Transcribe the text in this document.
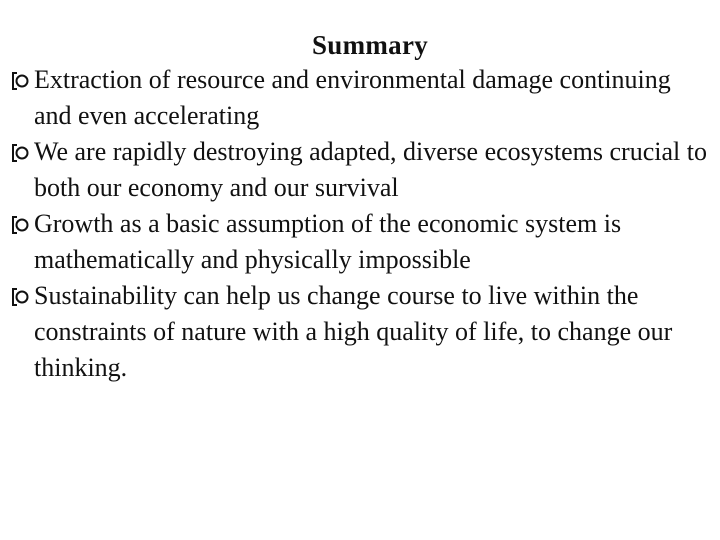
Summary
Extraction of resource and environmental damage continuing and even accelerating
We are rapidly destroying adapted, diverse ecosystems crucial to both our economy and our survival
Growth as a basic assumption of the economic system is mathematically and physically impossible
Sustainability can help us change course to live within the constraints of nature with a high quality of life, to change our thinking.
